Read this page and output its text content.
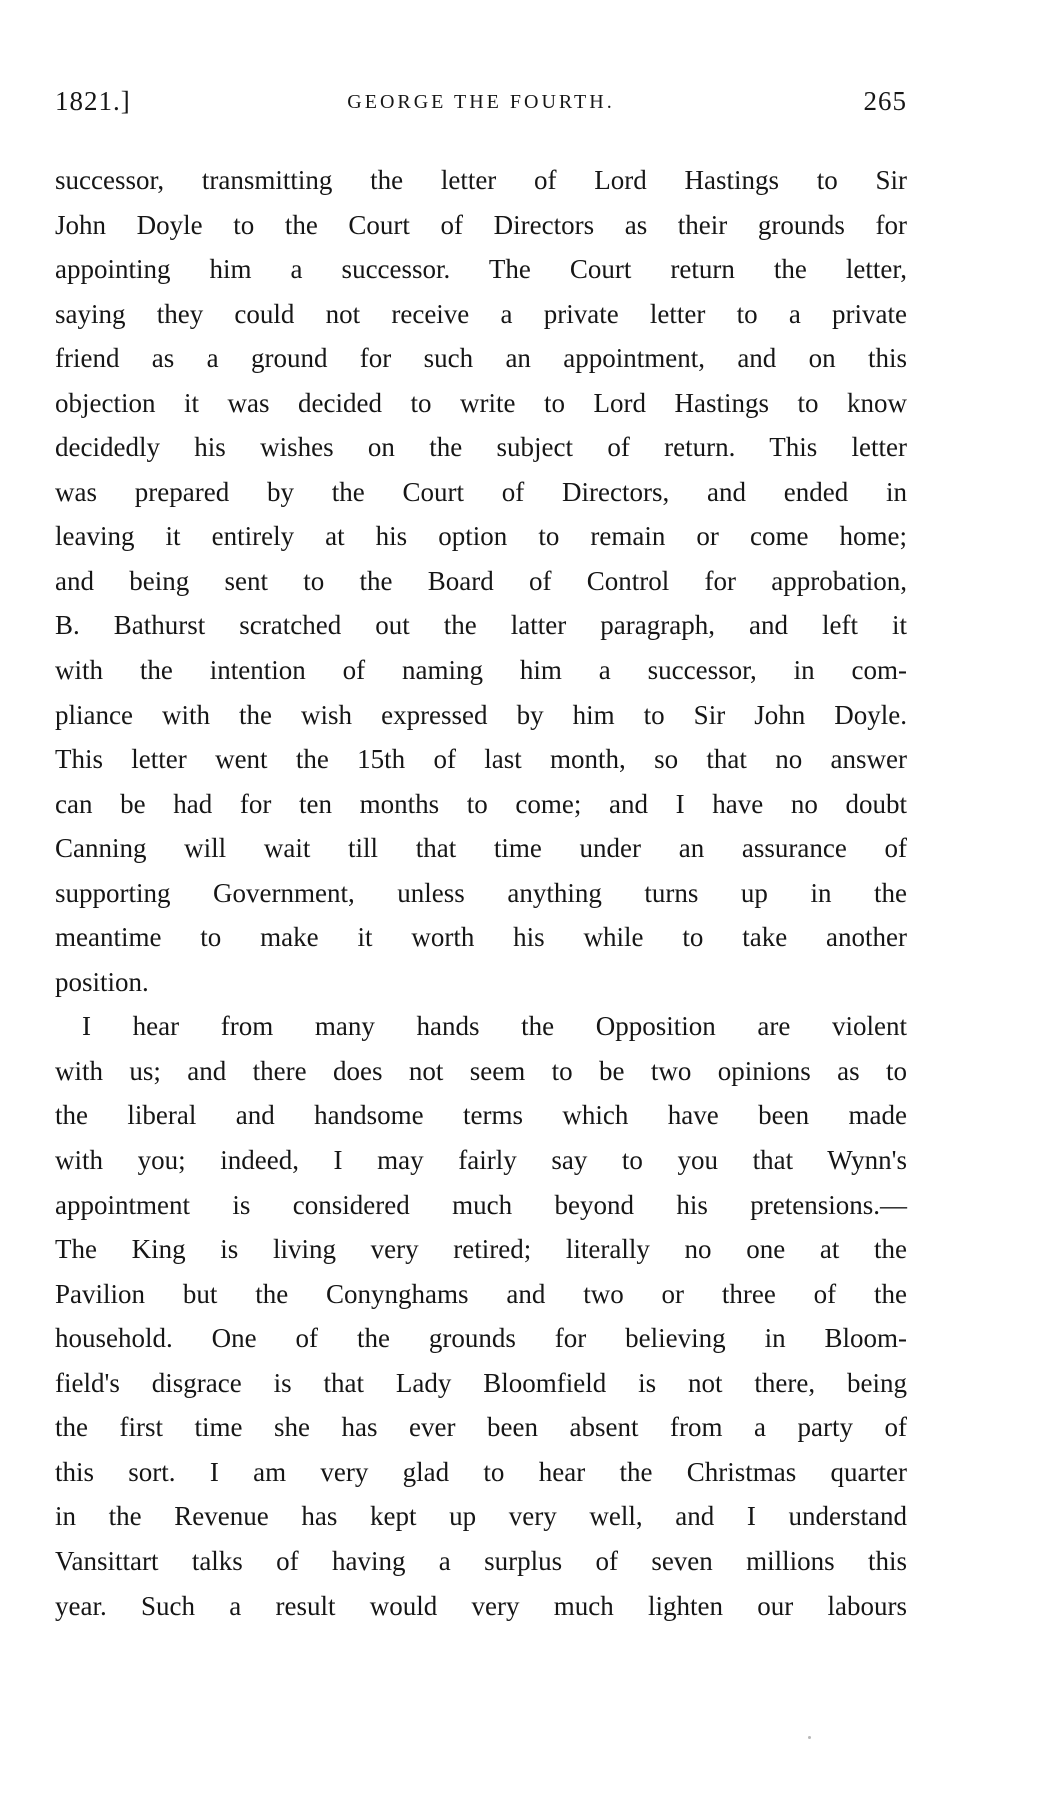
1821.]	GEORGE THE FOURTH.	265
successor, transmitting the letter of Lord Hastings to Sir
John Doyle to the Court of Directors as their grounds for
appointing him a successor. The Court return the letter,
saying they could not receive a private letter to a private
friend as a ground for such an appointment, and on this
objection it was decided to write to Lord Hastings to know
decidedly his wishes on the subject of return. This letter
was prepared by the Court of Directors, and ended in
leaving it entirely at his option to remain or come home;
and being sent to the Board of Control for approbation,
B. Bathurst scratched out the latter paragraph, and left it
with the intention of naming him a successor, in com-
pliance with the wish expressed by him to Sir John Doyle.
This letter went the 15th of last month, so that no answer
can be had for ten months to come; and I have no doubt
Canning will wait till that time under an assurance of
supporting Government, unless anything turns up in the
meantime to make it worth his while to take another
position.
I hear from many hands the Opposition are violent
with us; and there does not seem to be two opinions as to
the liberal and handsome terms which have been made
with you; indeed, I may fairly say to you that Wynn's
appointment is considered much beyond his pretensions.—
The King is living very retired; literally no one at the
Pavilion but the Conynghams and two or three of the
household. One of the grounds for believing in Bloom-
field's disgrace is that Lady Bloomfield is not there, being
the first time she has ever been absent from a party of
this sort. I am very glad to hear the Christmas quarter
in the Revenue has kept up very well, and I understand
Vansittart talks of having a surplus of seven millions this
year. Such a result would very much lighten our labours
